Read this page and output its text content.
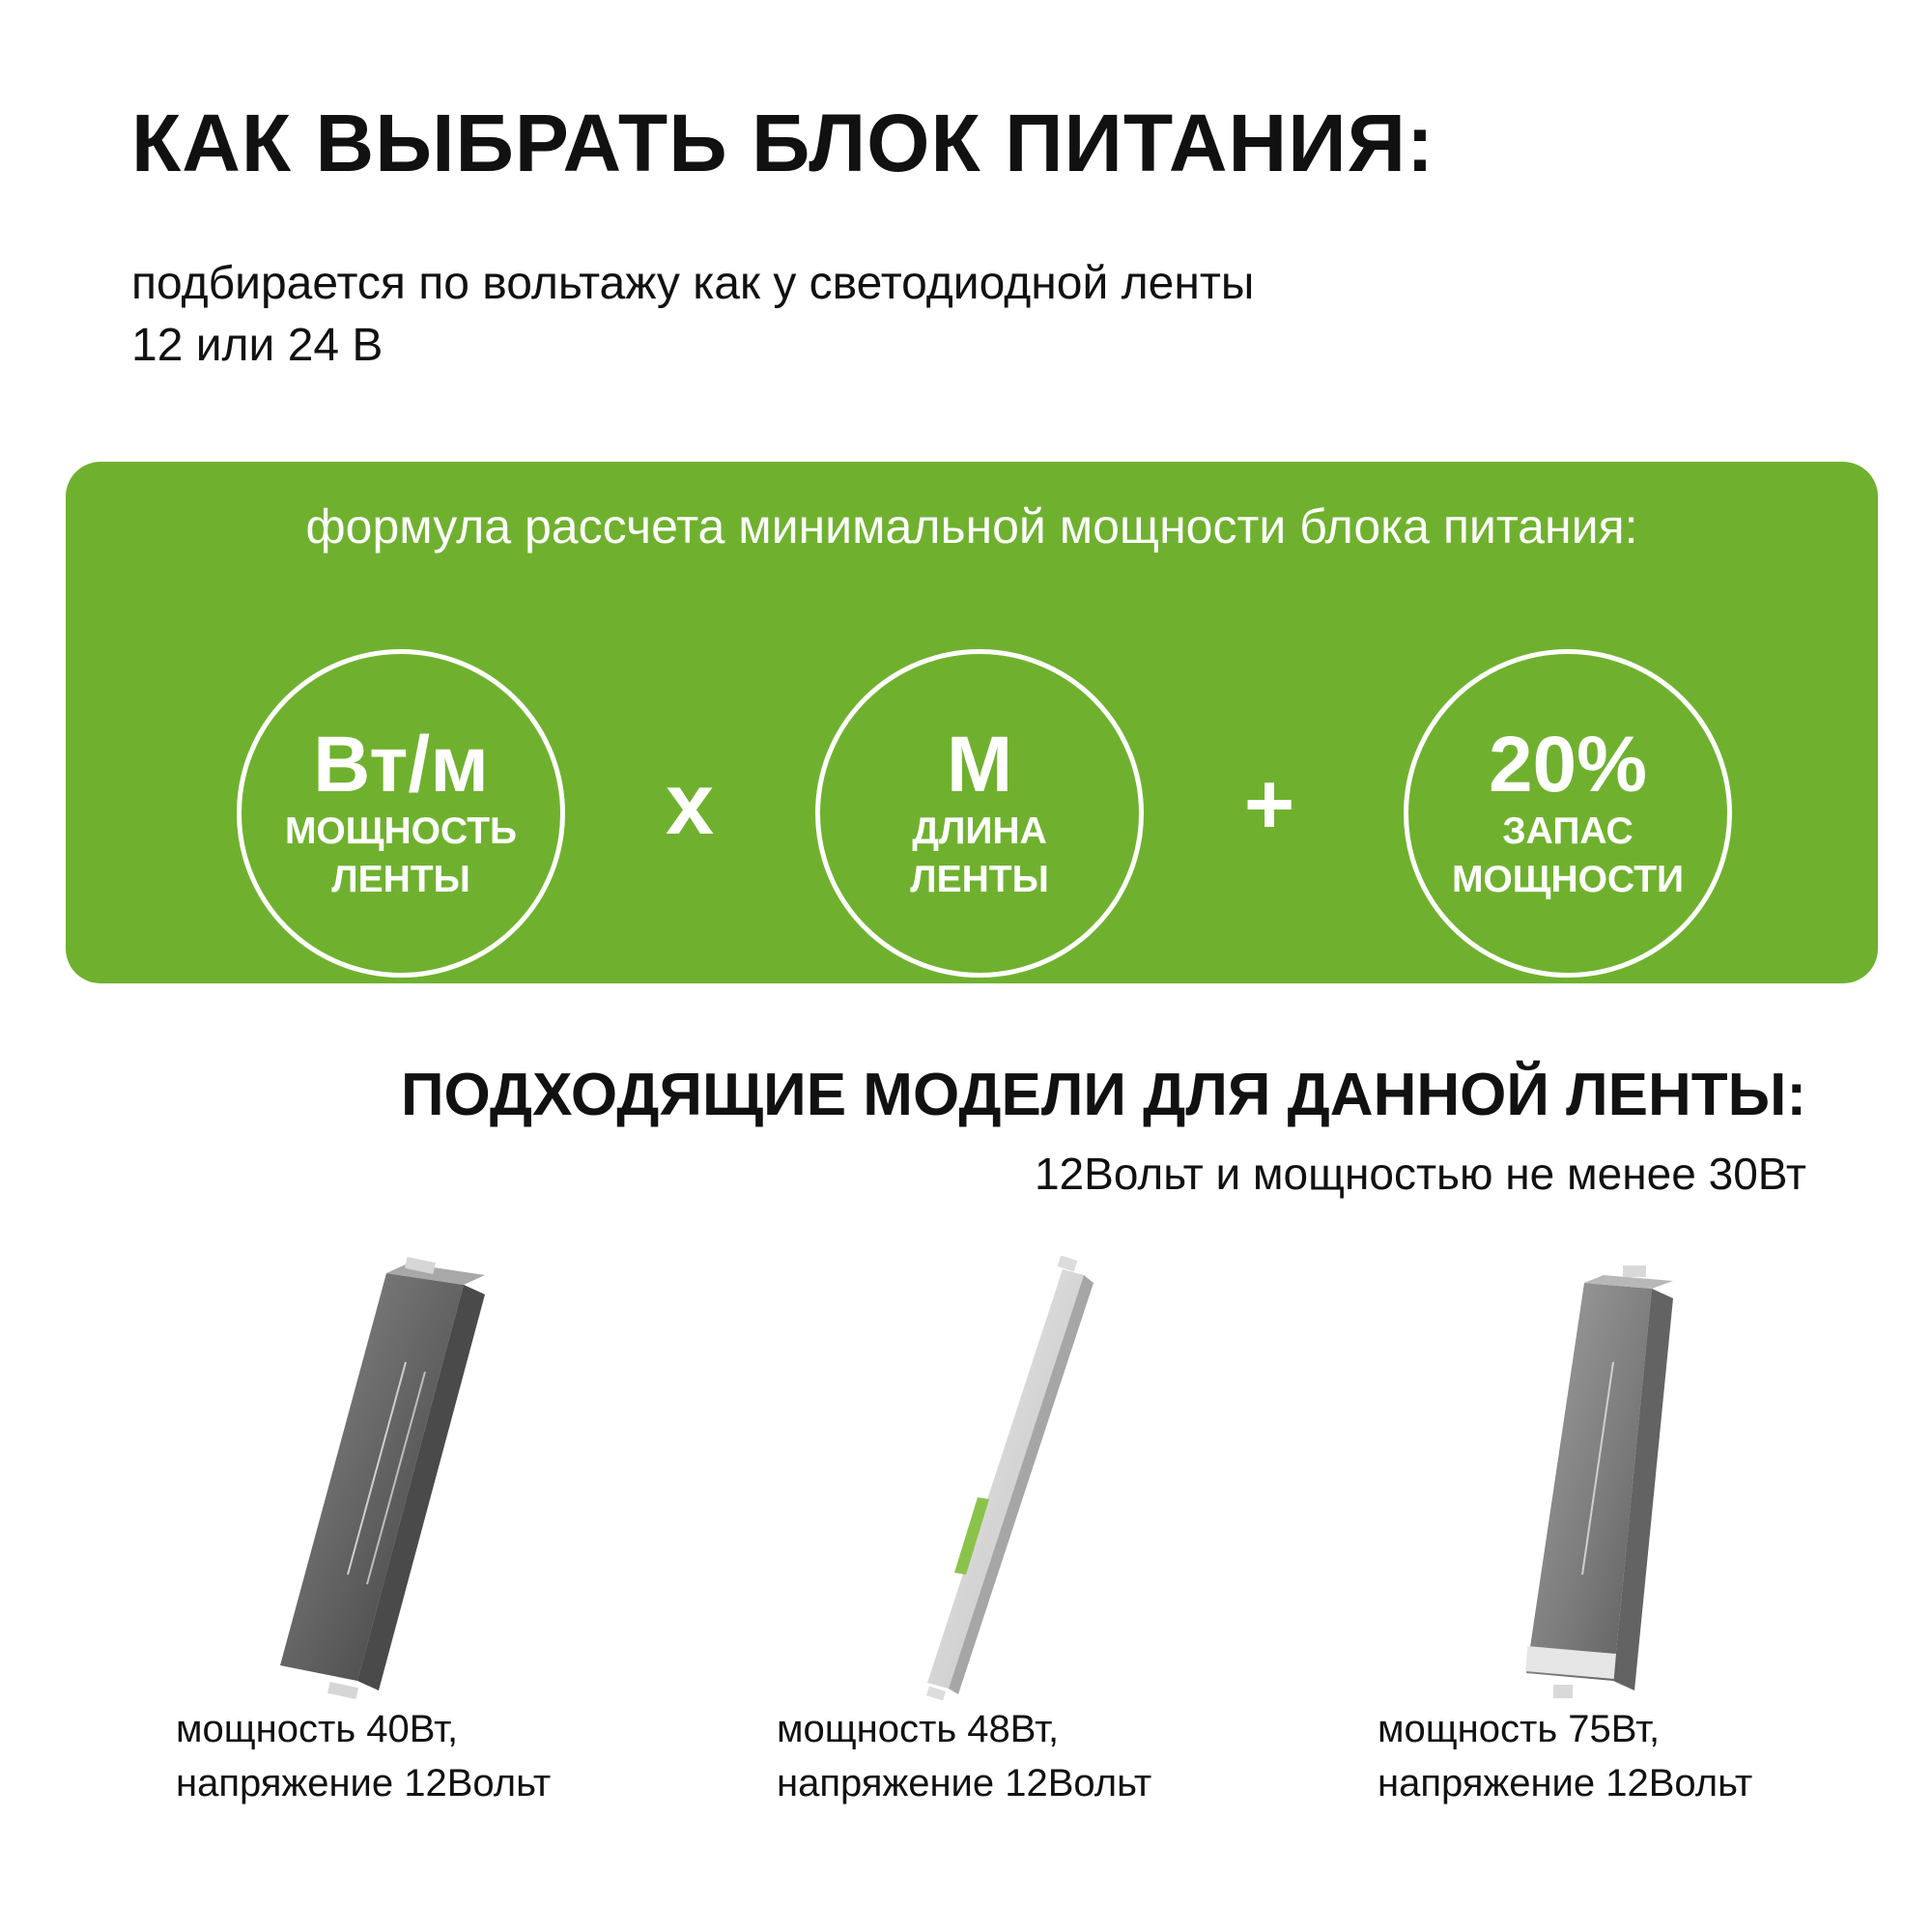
КАК ВЫБРАТЬ БЛОК ПИТАНИЯ:
подбирается по вольтажу как у светодиодной ленты
12 или 24 В
формула рассчета минимальной мощности блока питания:
Вт/м
МОЩНОСТЬ
ЛЕНТЫ
x	М
ДЛИНА
ЛЕНТЫ
+	20%
ЗАПАС
МОЩНОСТИ
ПОДХОДЯЩИЕ МОДЕЛИ ДЛЯ ДАННОЙ ЛЕНТЫ:
12Вольт и мощностью не менее 30Вт
мощность 40Вт,
напряжение 12Вольт
мощность 48Вт,
напряжение 12Вольт
мощность 75Вт,
напряжение 12Вольт
